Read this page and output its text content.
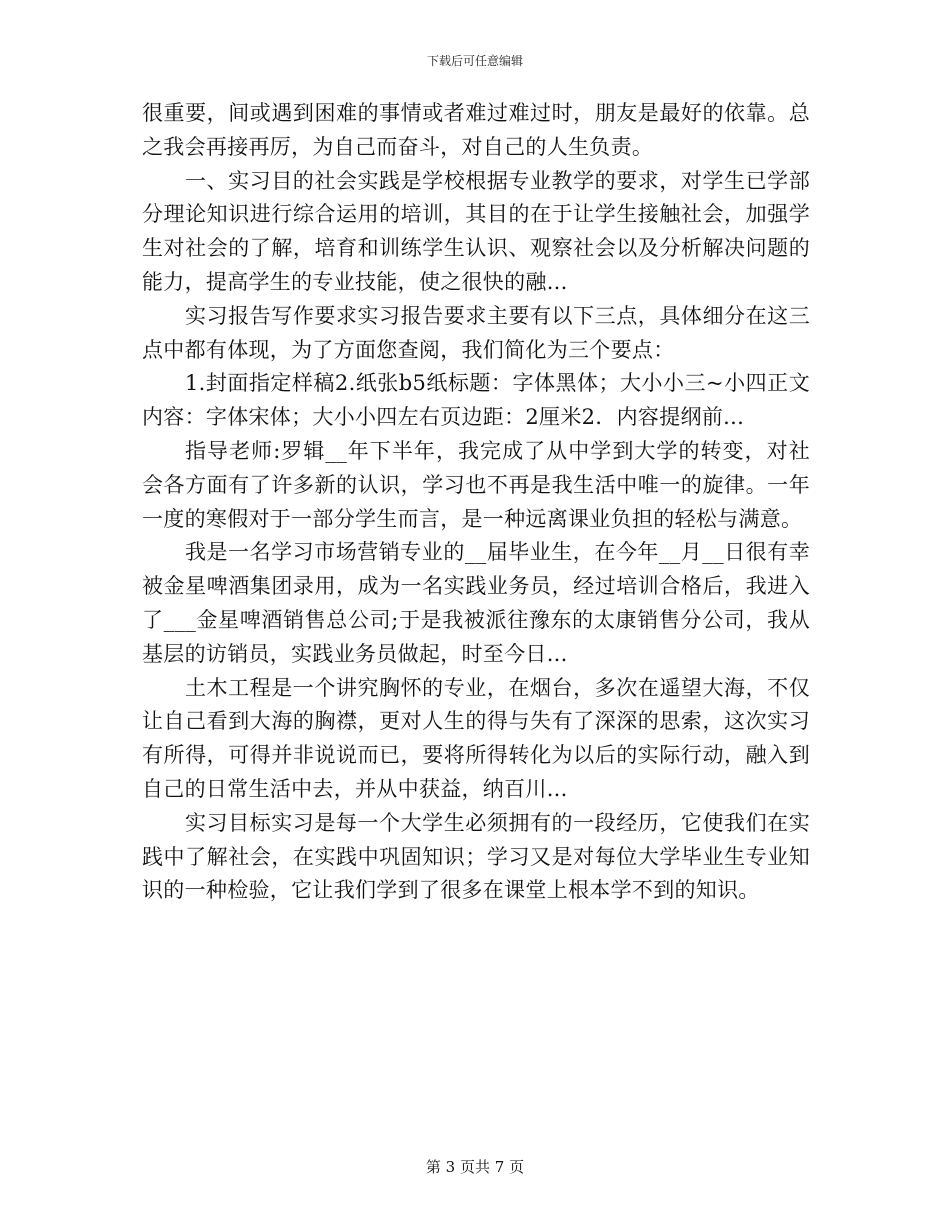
下载后可任意编辑

很重要，间或遇到困难的事情或者难过难过时，朋友是最好的依靠。总之我会再接再厉，为自己而奋斗，对自己的人生负责。

一、实习目的社会实践是学校根据专业教学的要求，对学生已学部分理论知识进行综合运用的培训，其目的在于让学生接触社会，加强学生对社会的了解，培育和训练学生认识、观察社会以及分析解决问题的能力，提高学生的专业技能，使之很快的融...

实习报告写作要求实习报告要求主要有以下三点，具体细分在这三点中都有体现，为了方面您查阅，我们简化为三个要点：

1.封面指定样稿2.纸张b5纸标题：字体黑体；大小小三~小四正文内容：字体宋体；大小小四左右页边距：2厘米2．内容提纲前...

指导老师:罗辑__年下半年，我完成了从中学到大学的转变，对社会各方面有了许多新的认识，学习也不再是我生活中唯一的旋律。一年一度的寒假对于一部分学生而言，是一种远离课业负担的轻松与满意。

我是一名学习市场营销专业的__届毕业生，在今年__月__日很有幸被金星啤酒集团录用，成为一名实践业务员，经过培训合格后，我进入了___金星啤酒销售总公司;于是我被派往豫东的太康销售分公司，我从基层的访销员，实践业务员做起，时至今日...

土木工程是一个讲究胸怀的专业，在烟台，多次在遥望大海，不仅让自己看到大海的胸襟，更对人生的得与失有了深深的思索，这次实习有所得，可得并非说说而已，要将所得转化为以后的实际行动，融入到自己的日常生活中去，并从中获益，纳百川...

实习目标实习是每一个大学生必须拥有的一段经历，它使我们在实践中了解社会，在实践中巩固知识；学习又是对每位大学毕业生专业知识的一种检验，它让我们学到了很多在课堂上根本学不到的知识。

第 3 页共 7 页
